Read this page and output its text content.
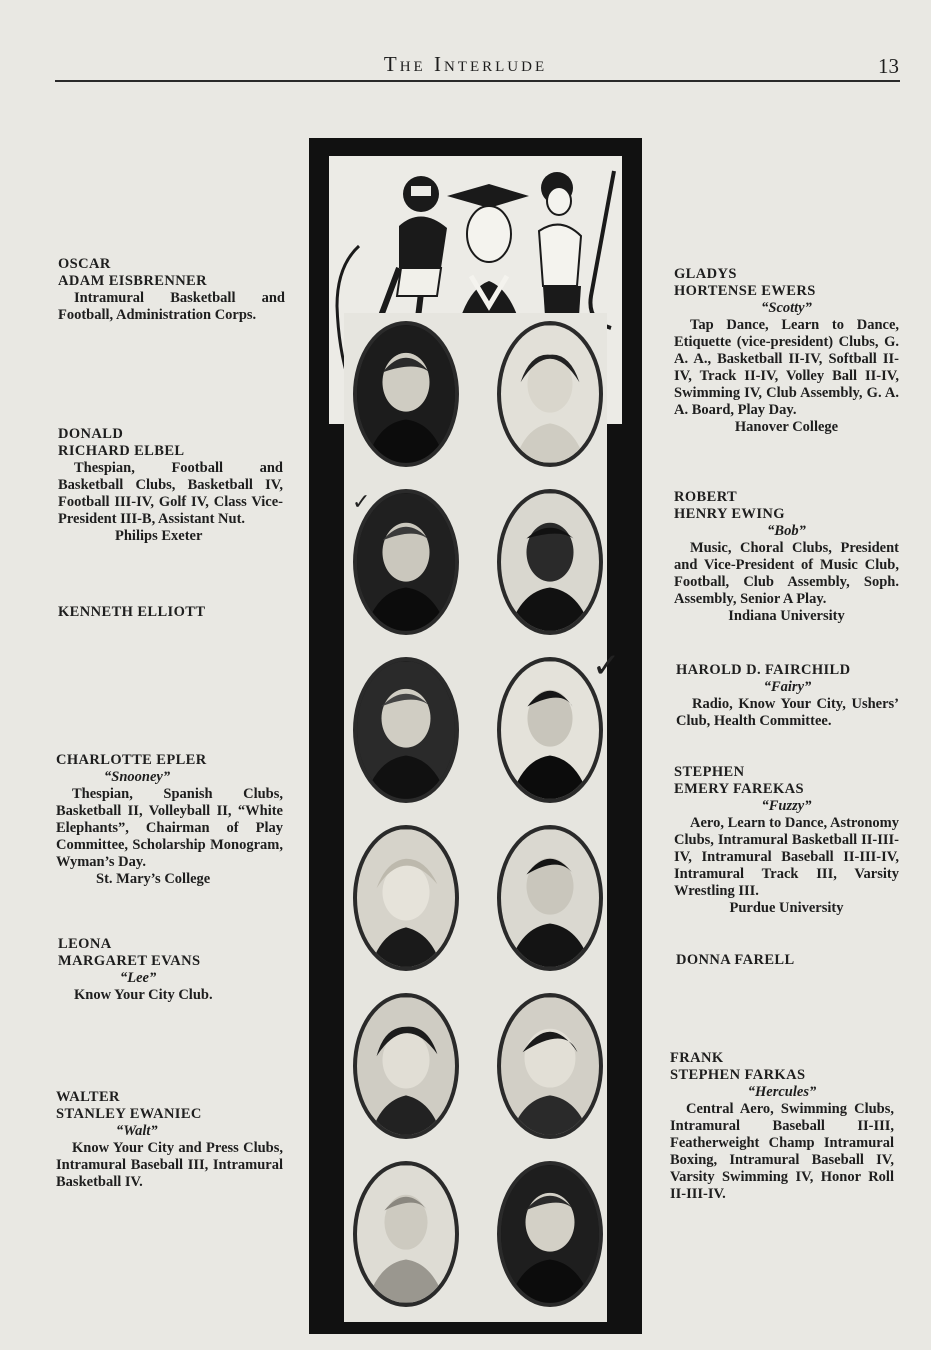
The Interlude	13
OSCAR
ADAM EISBRENNER
Intramural Basketball and Football, Administration Corps.
DONALD
RICHARD ELBEL
Thespian, Football and Basketball Clubs, Basketball IV, Football III-IV, Golf IV, Class Vice-President III-B, Assistant Nut.
Philips Exeter
KENNETH ELLIOTT
CHARLOTTE EPLER
“Snooney”
Thespian, Spanish Clubs, Basketball II, Volleyball II, “White Elephants”, Chairman of Play Committee, Scholarship Monogram, Wyman’s Day.
St. Mary’s College
LEONA
MARGARET EVANS
“Lee”
Know Your City Club.
WALTER
STANLEY EWANIEC
“Walt”
Know Your City and Press Clubs, Intramural Baseball III, Intramural Basketball IV.
GLADYS
HORTENSE EWERS
“Scotty”
Tap Dance, Learn to Dance, Etiquette (vice-president) Clubs, G. A. A., Basketball II-IV, Softball II-IV, Track II-IV, Volley Ball II-IV, Swimming IV, Club Assembly, G. A. A. Board, Play Day.
Hanover College
ROBERT
HENRY EWING
“Bob”
Music, Choral Clubs, President and Vice-President of Music Club, Football, Club Assembly, Soph. Assembly, Senior A Play.
Indiana University
HAROLD D. FAIRCHILD
“Fairy”
Radio, Know Your City, Ushers’ Club, Health Committee.
STEPHEN
EMERY FAREKAS
“Fuzzy”
Aero, Learn to Dance, Astronomy Clubs, Intramural Basketball II-III-IV, Intramural Baseball II-III-IV, Intramural Track III, Varsity Wrestling III.
Purdue University
DONNA FARELL
FRANK
STEPHEN FARKAS
“Hercules”
Central Aero, Swimming Clubs, Intramural Baseball II-III, Featherweight Champ Intramural Boxing, Intramural Baseball IV, Varsity Swimming IV, Honor Roll II-III-IV.
✓
✓
